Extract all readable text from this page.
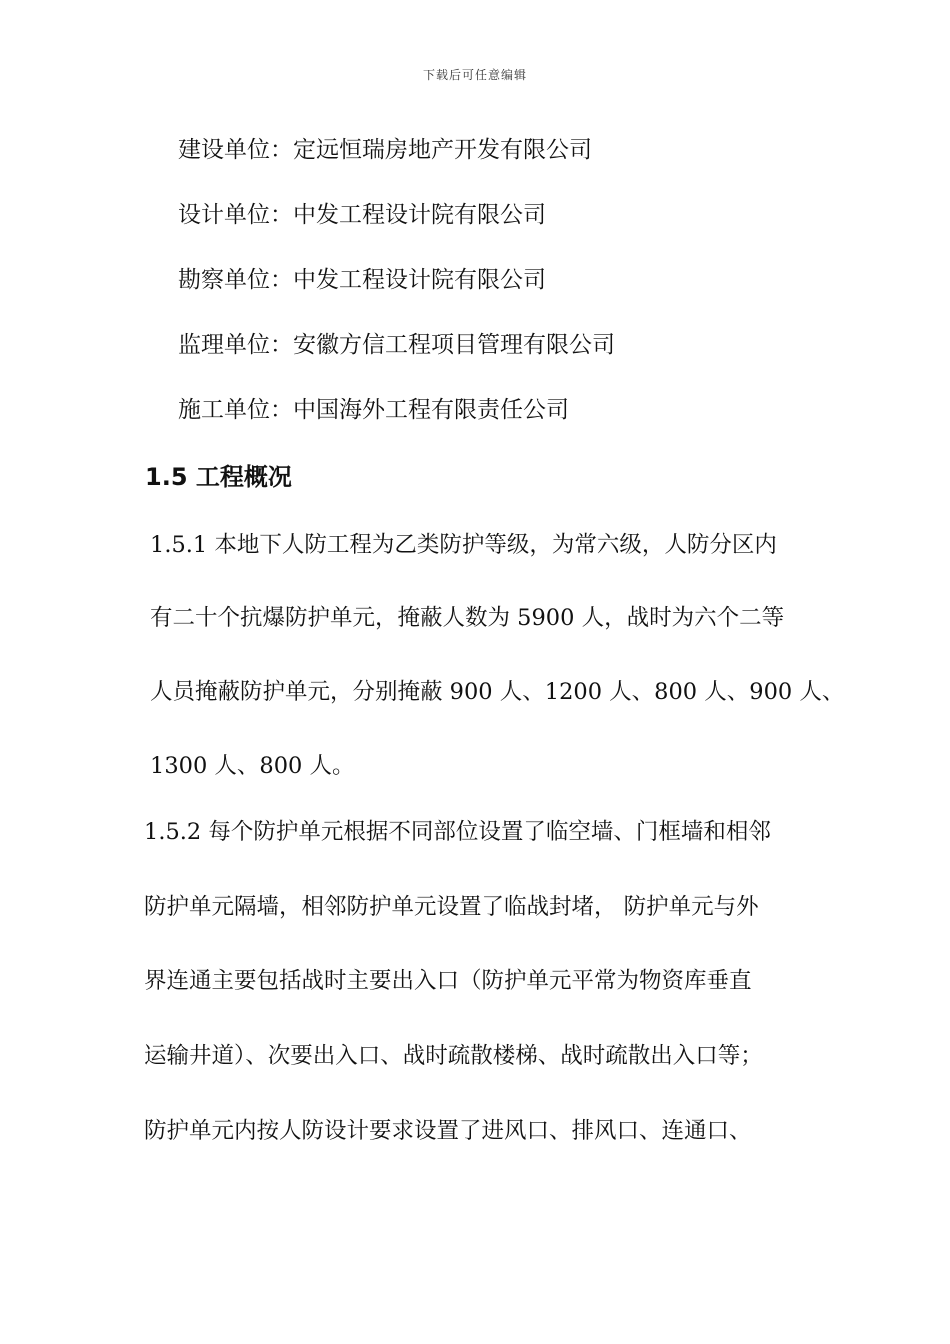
下载后可任意编辑
建设单位：定远恒瑞房地产开发有限公司
设计单位：中发工程设计院有限公司
勘察单位：中发工程设计院有限公司
监理单位：安徽方信工程项目管理有限公司
施工单位：中国海外工程有限责任公司
1.5 工程概况
1.5.1 本地下人防工程为乙类防护等级，为常六级，人防分区内
有二十个抗爆防护单元，掩蔽人数为 5900 人，战时为六个二等
人员掩蔽防护单元，分别掩蔽 900 人、1200 人、800 人、900 人、
1300 人、800 人。
1.5.2 每个防护单元根据不同部位设置了临空墙、门框墙和相邻
防护单元隔墙，相邻防护单元设置了临战封堵， 防护单元与外
界连通主要包括战时主要出入口（防护单元平常为物资库垂直
运输井道）、次要出入口、战时疏散楼梯、战时疏散出入口等；
防护单元内按人防设计要求设置了进风口、排风口、连通口、
